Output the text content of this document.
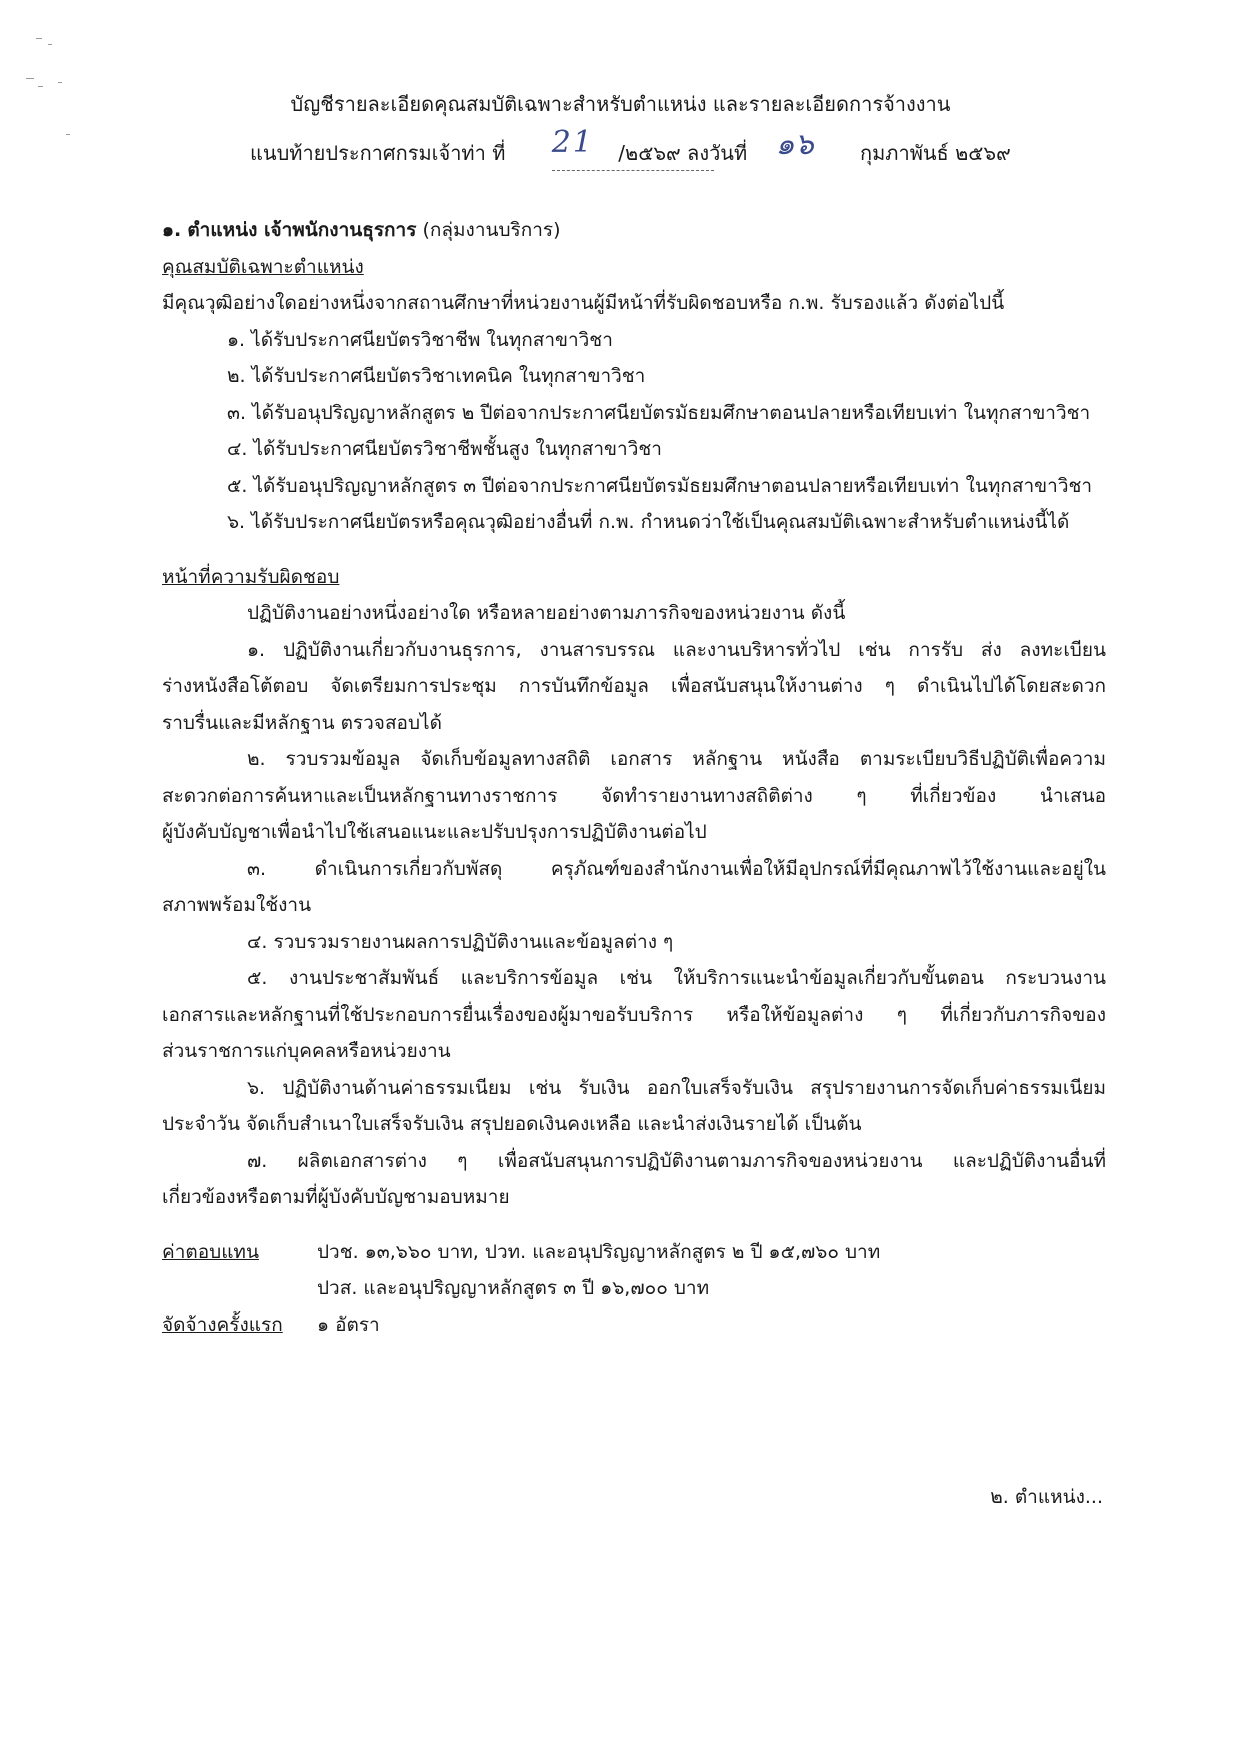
บัญชีรายละเอียดคุณสมบัติเฉพาะสำหรับตำแหน่ง และรายละเอียดการจ้างงาน
แนบท้ายประกาศกรมเจ้าท่า ที่ 21 /๒๕๖๙ ลงวันที่ ๑๖ กุมภาพันธ์ ๒๕๖๙

๑. ตำแหน่ง เจ้าพนักงานธุรการ (กลุ่มงานบริการ)

คุณสมบัติเฉพาะตำแหน่ง

มีคุณวุฒิอย่างใดอย่างหนึ่งจากสถานศึกษาที่หน่วยงานผู้มีหน้าที่รับผิดชอบหรือ ก.พ. รับรองแล้ว ดังต่อไปนี้

๑. ได้รับประกาศนียบัตรวิชาชีพ ในทุกสาขาวิชา

๒. ได้รับประกาศนียบัตรวิชาเทคนิค ในทุกสาขาวิชา

๓. ได้รับอนุปริญญาหลักสูตร ๒ ปีต่อจากประกาศนียบัตรมัธยมศึกษาตอนปลายหรือเทียบเท่า ในทุกสาขาวิชา

๔. ได้รับประกาศนียบัตรวิชาชีพชั้นสูง ในทุกสาขาวิชา

๕. ได้รับอนุปริญญาหลักสูตร ๓ ปีต่อจากประกาศนียบัตรมัธยมศึกษาตอนปลายหรือเทียบเท่า ในทุกสาขาวิชา

๖. ได้รับประกาศนียบัตรหรือคุณวุฒิอย่างอื่นที่ ก.พ. กำหนดว่าใช้เป็นคุณสมบัติเฉพาะสำหรับตำแหน่งนี้ได้

หน้าที่ความรับผิดชอบ

ปฏิบัติงานอย่างหนึ่งอย่างใด หรือหลายอย่างตามภารกิจของหน่วยงาน ดังนี้

๑. ปฏิบัติงานเกี่ยวกับงานธุรการ, งานสารบรรณ และงานบริหารทั่วไป เช่น การรับ ส่ง ลงทะเบียน

ร่างหนังสือโต้ตอบ จัดเตรียมการประชุม การบันทึกข้อมูล เพื่อสนับสนุนให้งานต่าง ๆ ดำเนินไปได้โดยสะดวก

ราบรื่นและมีหลักฐาน ตรวจสอบได้

๒. รวบรวมข้อมูล จัดเก็บข้อมูลทางสถิติ เอกสาร หลักฐาน หนังสือ ตามระเบียบวิธีปฏิบัติเพื่อความ

สะดวกต่อการค้นหาและเป็นหลักฐานทางราชการ จัดทำรายงานทางสถิติต่าง ๆ ที่เกี่ยวข้อง นำเสนอ

ผู้บังคับบัญชาเพื่อนำไปใช้เสนอแนะและปรับปรุงการปฏิบัติงานต่อไป

๓. ดำเนินการเกี่ยวกับพัสดุ ครุภัณฑ์ของสำนักงานเพื่อให้มีอุปกรณ์ที่มีคุณภาพไว้ใช้งานและอยู่ใน

สภาพพร้อมใช้งาน

๔. รวบรวมรายงานผลการปฏิบัติงานและข้อมูลต่าง ๆ

๕. งานประชาสัมพันธ์ และบริการข้อมูล เช่น ให้บริการแนะนำข้อมูลเกี่ยวกับขั้นตอน กระบวนงาน

เอกสารและหลักฐานที่ใช้ประกอบการยื่นเรื่องของผู้มาขอรับบริการ หรือให้ข้อมูลต่าง ๆ ที่เกี่ยวกับภารกิจของ

ส่วนราชการแก่บุคคลหรือหน่วยงาน

๖. ปฏิบัติงานด้านค่าธรรมเนียม เช่น รับเงิน ออกใบเสร็จรับเงิน สรุปรายงานการจัดเก็บค่าธรรมเนียม

ประจำวัน จัดเก็บสำเนาใบเสร็จรับเงิน สรุปยอดเงินคงเหลือ และนำส่งเงินรายได้ เป็นต้น

๗. ผลิตเอกสารต่าง ๆ เพื่อสนับสนุนการปฏิบัติงานตามภารกิจของหน่วยงาน และปฏิบัติงานอื่นที่

เกี่ยวข้องหรือตามที่ผู้บังคับบัญชามอบหมาย

ค่าตอบแทน	ปวช. ๑๓,๖๖๐ บาท, ปวท. และอนุปริญญาหลักสูตร ๒ ปี ๑๕,๗๖๐ บาท
ปวส. และอนุปริญญาหลักสูตร ๓ ปี ๑๖,๗๐๐ บาท
จัดจ้างครั้งแรก	๑ อัตรา
๒. ตำแหน่ง...
